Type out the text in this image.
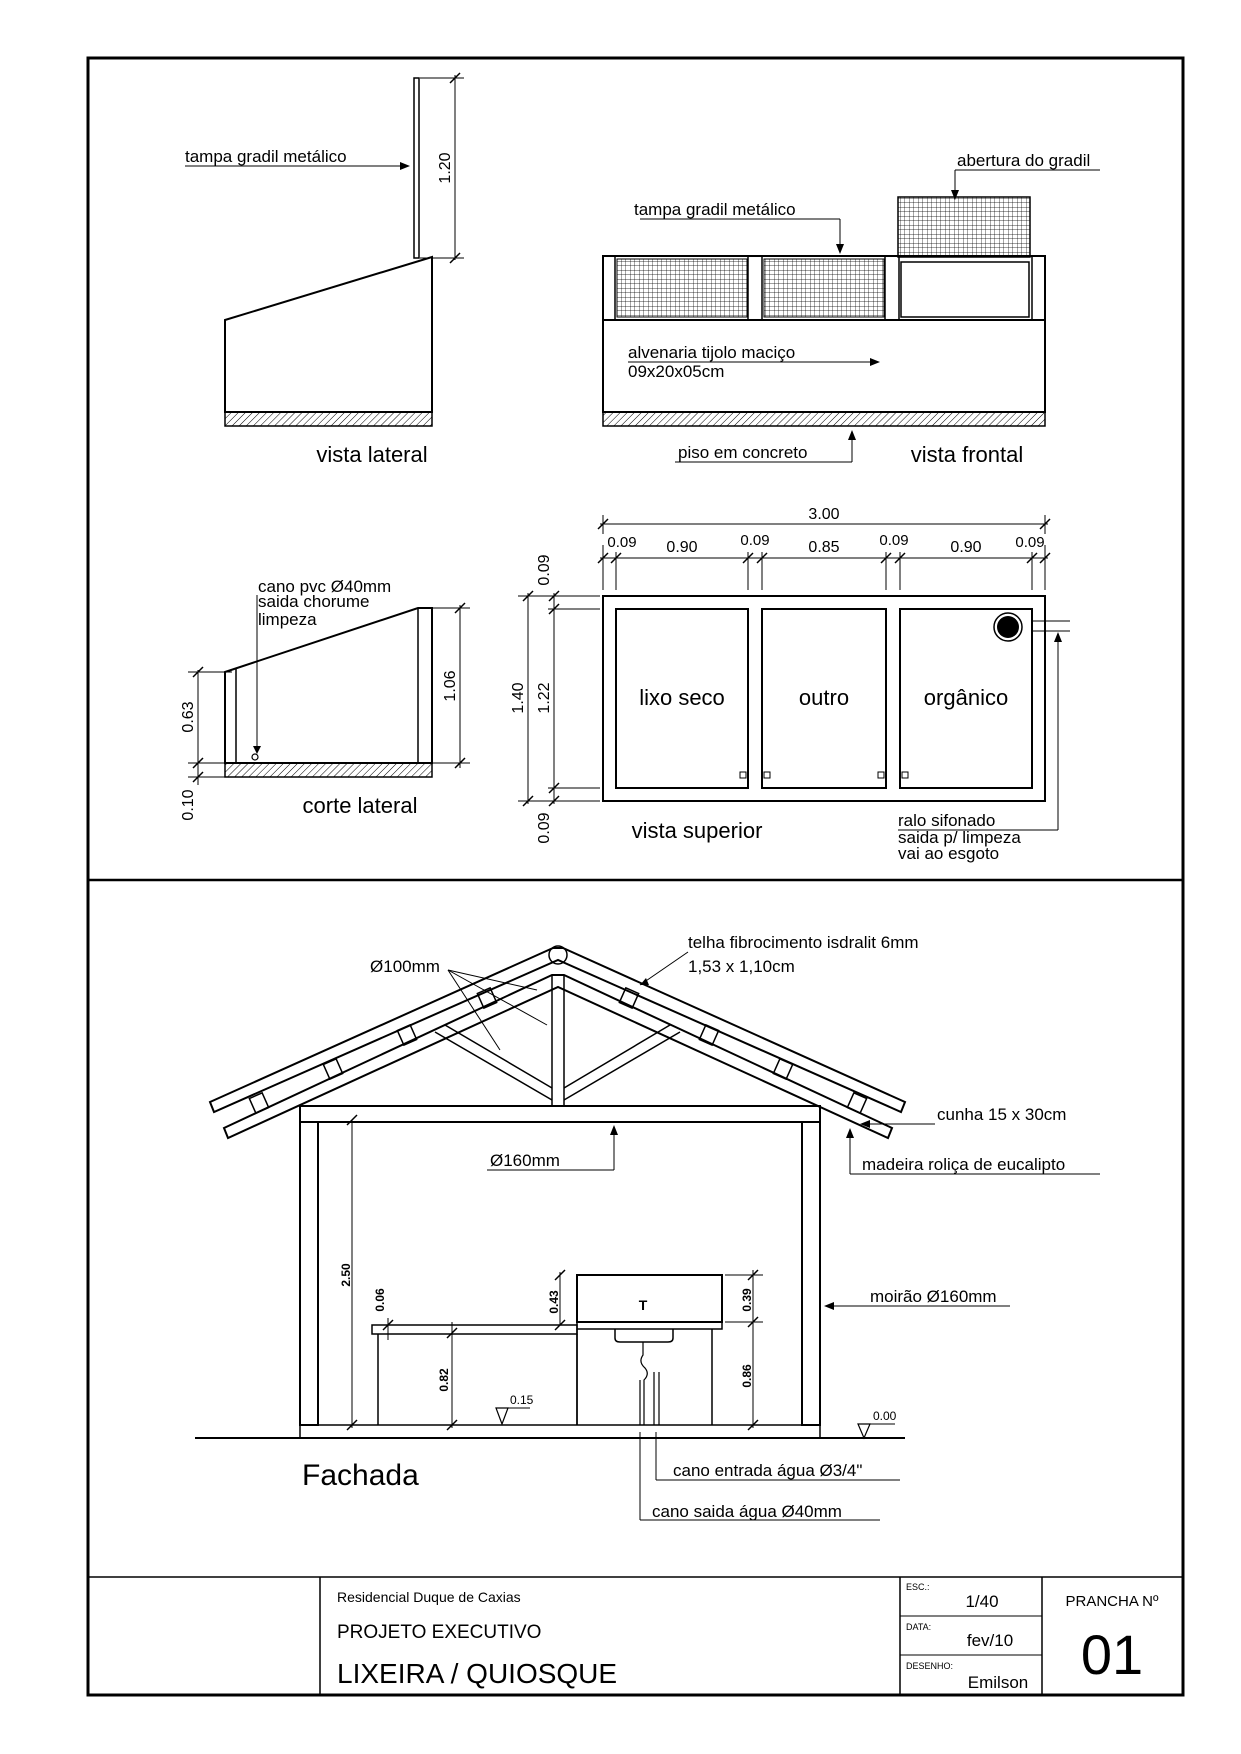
1.20
tampa gradil metálico
vista lateral
abertura do gradil
tampa gradil metálico
alvenaria tijolo maciço
09x20x05cm
piso em concreto	vista frontal
cano pvc Ø40mm
saida chorume
limpeza
0.63
0.10
1.06
corte lateral
ralo sifonado
saida p/ limpeza
vai ao esgoto
lixo seco	outro	orgânico
3.00
0.09 0.90	0.09 0.85	0.09	0.90 0.09
1.40
0.09
1.22
0.09	vista superior
T
Ø100mm
telha fibrocimento isdralit 6mm
1,53 x 1,10cm
cunha 15 x 30cm
madeira roliça de eucalipto
Ø160mm
moirão Ø160mm
2.50
0.06
0.82
0.43	0.39
0.86
0.15
0.00
cano entrada água Ø3/4"
cano saida água Ø40mm
Fachada
Residencial Duque de Caxias
PROJETO EXECUTIVO
LIXEIRA / QUIOSQUE
ESC.:
1/40
DATA:
fev/10
DESENHO:
Emilson
PRANCHA Nº
01
